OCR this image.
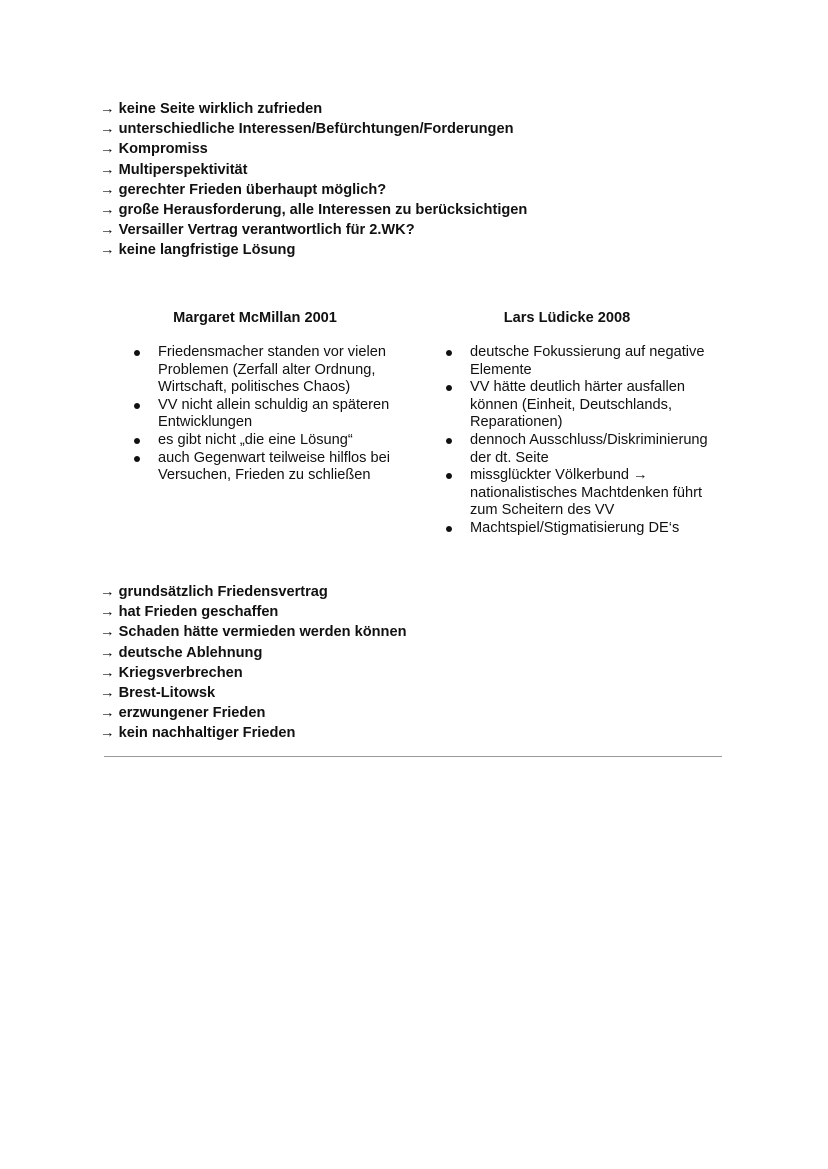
→ keine Seite wirklich zufrieden
→ unterschiedliche Interessen/Befürchtungen/Forderungen
→ Kompromiss
→ Multiperspektivität
→ gerechter Frieden überhaupt möglich?
→ große Herausforderung, alle Interessen zu berücksichtigen
→ Versailler Vertrag verantwortlich für 2.WK?
→ keine langfristige Lösung
Margaret McMillan 2001
Friedensmacher standen vor vielen Problemen (Zerfall alter Ordnung, Wirtschaft, politisches Chaos)
VV nicht allein schuldig an späteren Entwicklungen
es gibt nicht „die eine Lösung“
auch Gegenwart teilweise hilflos bei Versuchen, Frieden zu schließen
Lars Lüdicke 2008
deutsche Fokussierung auf negative Elemente
VV hätte deutlich härter ausfallen können (Einheit, Deutschlands, Reparationen)
dennoch Ausschluss/Diskriminierung der dt. Seite
missglückter Völkerbund → nationalistisches Machtdenken führt zum Scheitern des VV
Machtspiel/Stigmatisierung DE‘s
→ grundsätzlich Friedensvertrag
→ hat Frieden geschaffen
→ Schaden hätte vermieden werden können
→ deutsche Ablehnung
→ Kriegsverbrechen
→ Brest-Litowsk
→ erzwungener Frieden
→ kein nachhaltiger Frieden
